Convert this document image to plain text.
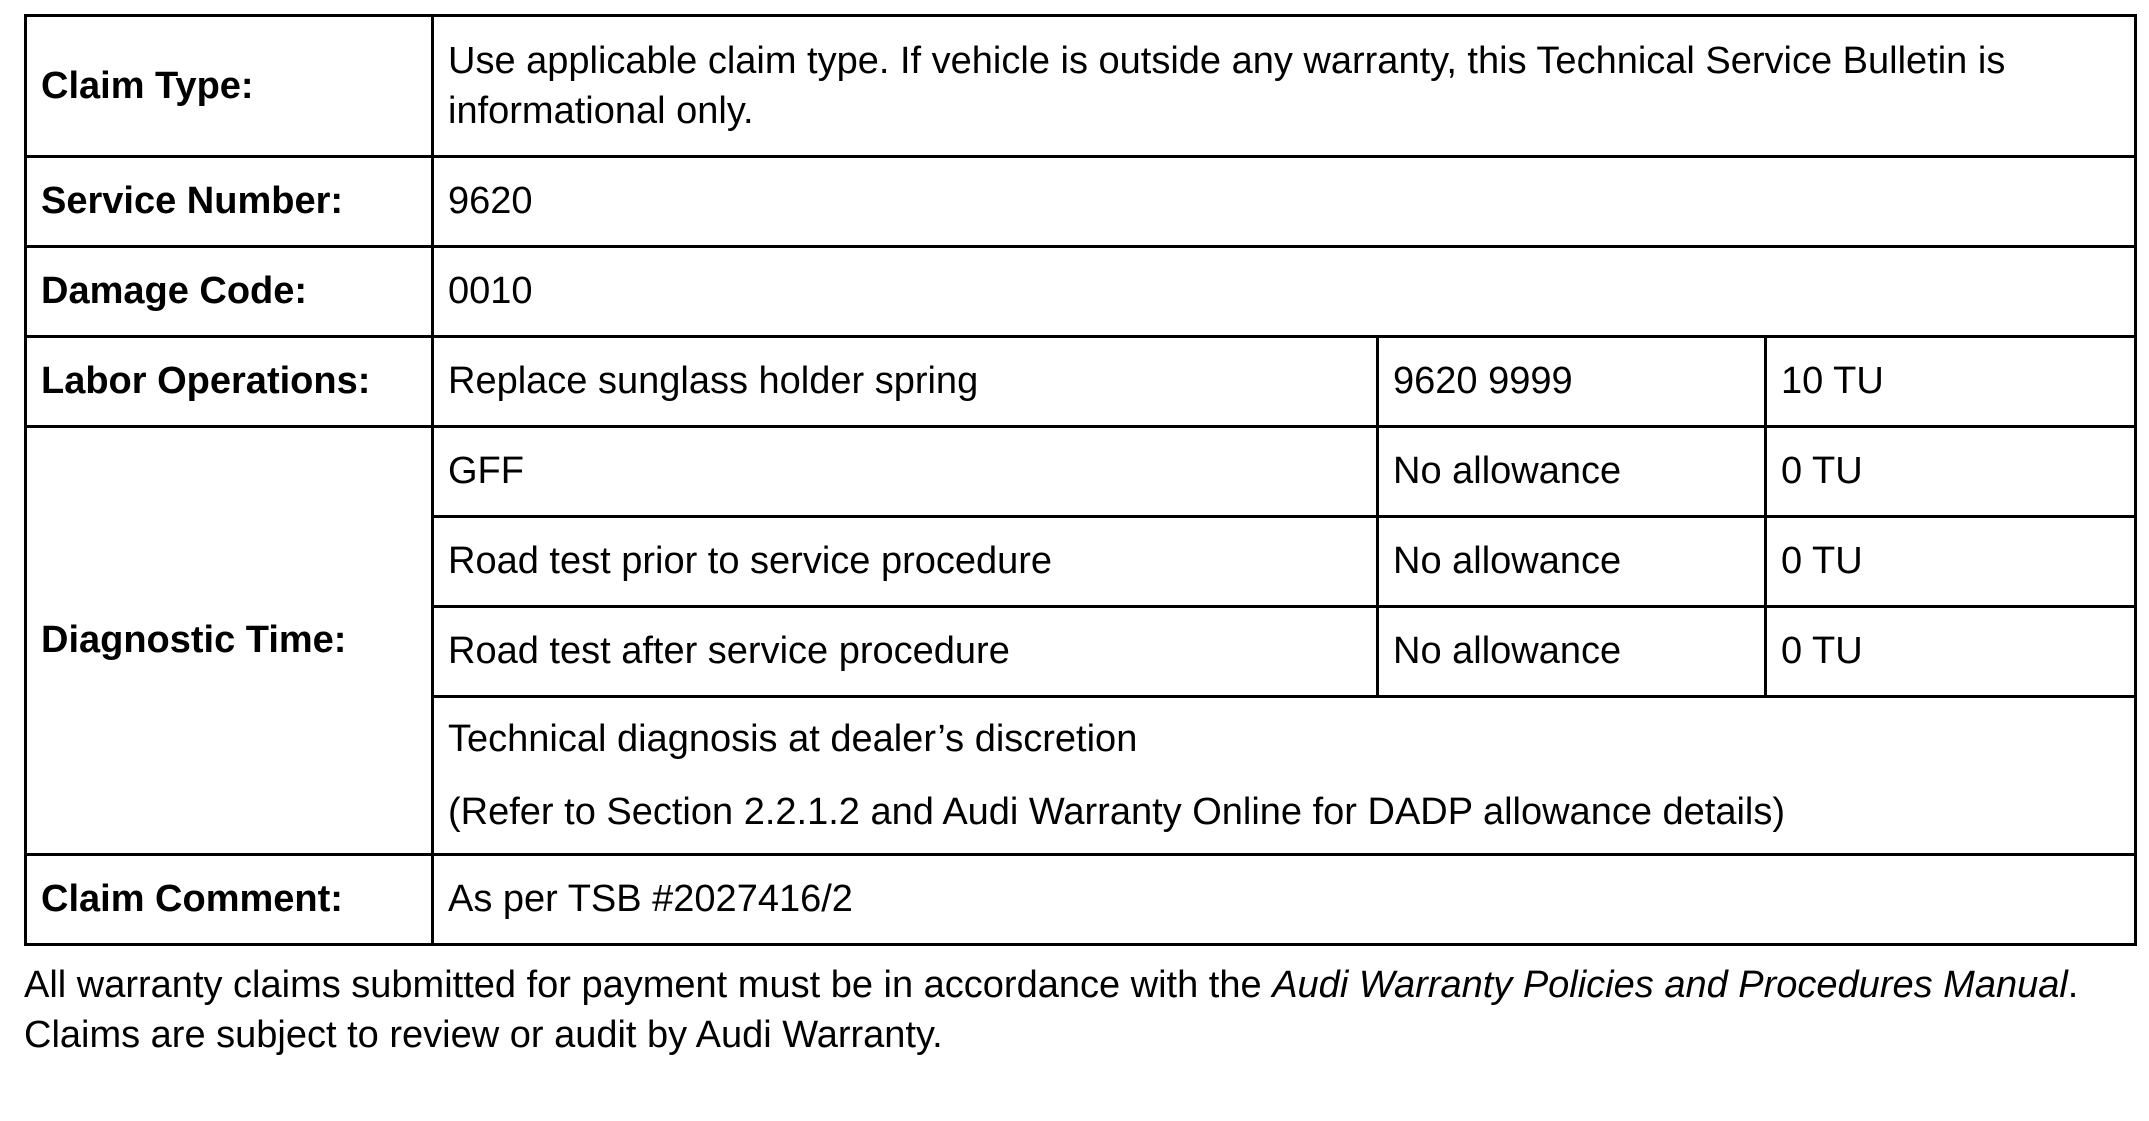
Claim Type:	Use applicable claim type. If vehicle is outside any warranty, this Technical Service Bulletin is informational only.		
Service Number:	9620		
Damage Code:	0010		
Labor Operations:	Replace sunglass holder spring	9620 9999	10 TU
Diagnostic Time:	GFF	No allowance	0 TU
	Road test prior to service procedure	No allowance	0 TU
	Road test after service procedure	No allowance	0 TU

	Technical diagnosis at dealer’s discretion
(Refer to Section 2.2.1.2 and Audi Warranty Online for DADP allowance details)		

Claim Comment:	As per TSB #2027416/2		

All warranty claims submitted for payment must be in accordance with the Audi Warranty Policies and Procedures Manual. Claims are subject to review or audit by Audi Warranty.
